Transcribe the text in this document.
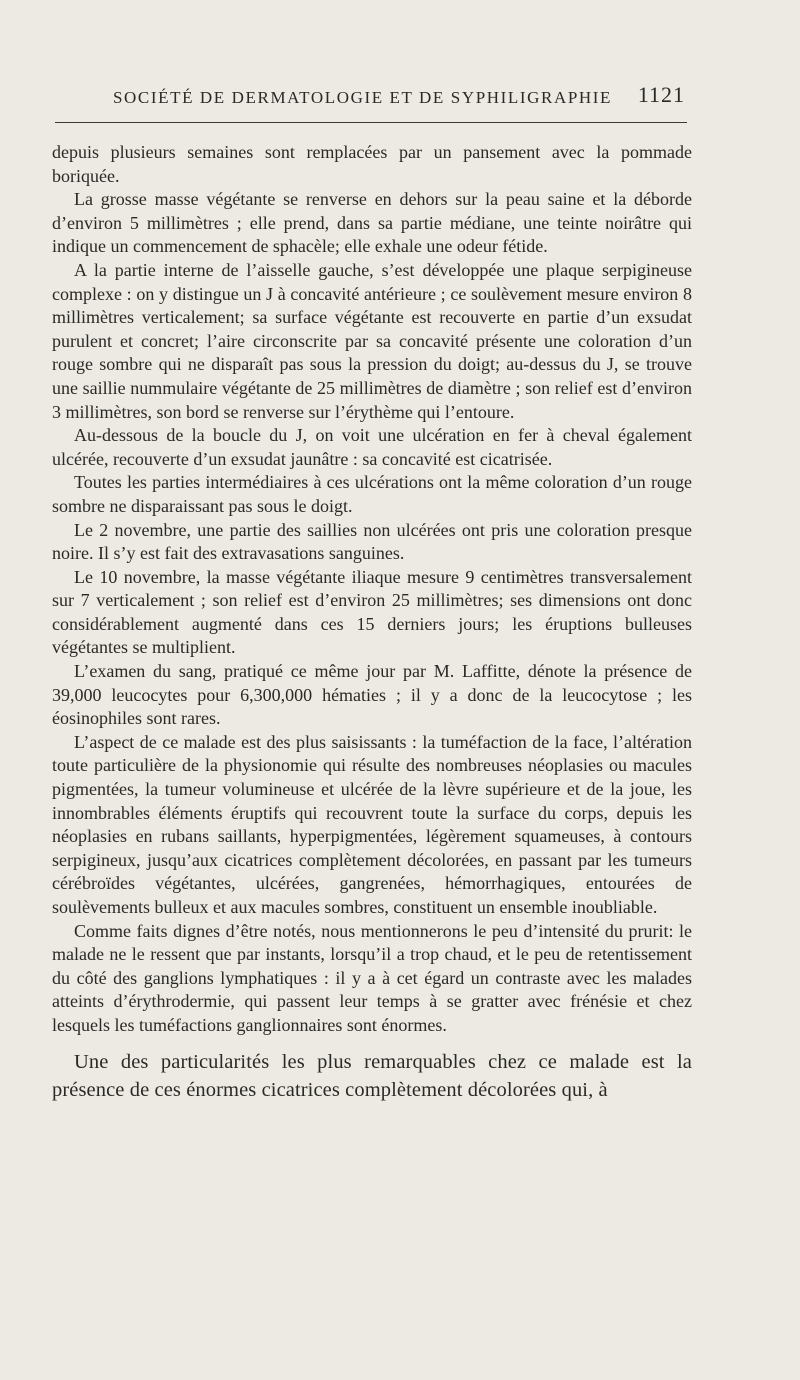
SOCIÉTÉ DE DERMATOLOGIE ET DE SYPHILIGRAPHIE 1121

depuis plusieurs semaines sont remplacées par un pansement avec la pommade boriquée.

La grosse masse végétante se renverse en dehors sur la peau saine et la déborde d’environ 5 millimètres ; elle prend, dans sa partie médiane, une teinte noirâtre qui indique un commencement de sphacèle; elle exhale une odeur fétide.

A la partie interne de l’aisselle gauche, s’est développée une plaque serpigineuse complexe : on y distingue un J à concavité antérieure ; ce soulèvement mesure environ 8 millimètres verticalement; sa surface végétante est recouverte en partie d’un exsudat purulent et concret; l’aire circonscrite par sa concavité présente une coloration d’un rouge sombre qui ne disparaît pas sous la pression du doigt; au-dessus du J, se trouve une saillie nummulaire végétante de 25 millimètres de diamètre ; son relief est d’environ 3 millimètres, son bord se renverse sur l’érythème qui l’entoure.

Au-dessous de la boucle du J, on voit une ulcération en fer à cheval également ulcérée, recouverte d’un exsudat jaunâtre : sa concavité est cicatrisée.

Toutes les parties intermédiaires à ces ulcérations ont la même coloration d’un rouge sombre ne disparaissant pas sous le doigt.

Le 2 novembre, une partie des saillies non ulcérées ont pris une coloration presque noire. Il s’y est fait des extravasations sanguines.

Le 10 novembre, la masse végétante iliaque mesure 9 centimètres transversalement sur 7 verticalement ; son relief est d’environ 25 millimètres; ses dimensions ont donc considérablement augmenté dans ces 15 derniers jours; les éruptions bulleuses végétantes se multiplient.

L’examen du sang, pratiqué ce même jour par M. Laffitte, dénote la présence de 39,000 leucocytes pour 6,300,000 hématies ; il y a donc de la leucocytose ; les éosinophiles sont rares.

L’aspect de ce malade est des plus saisissants : la tuméfaction de la face, l’altération toute particulière de la physionomie qui résulte des nombreuses néoplasies ou macules pigmentées, la tumeur volumineuse et ulcérée de la lèvre supérieure et de la joue, les innombrables éléments éruptifs qui recouvrent toute la surface du corps, depuis les néoplasies en rubans saillants, hyperpigmentées, légèrement squameuses, à contours serpigineux, jusqu’aux cicatrices complètement décolorées, en passant par les tumeurs cérébroïdes végétantes, ulcérées, gangrenées, hémorrhagiques, entourées de soulèvements bulleux et aux macules sombres, constituent un ensemble inoubliable.

Comme faits dignes d’être notés, nous mentionnerons le peu d’intensité du prurit: le malade ne le ressent que par instants, lorsqu’il a trop chaud, et le peu de retentissement du côté des ganglions lymphatiques : il y a à cet égard un contraste avec les malades atteints d’érythrodermie, qui passent leur temps à se gratter avec frénésie et chez lesquels les tuméfactions ganglionnaires sont énormes.

Une des particularités les plus remarquables chez ce malade est la présence de ces énormes cicatrices complètement décolorées qui, à
